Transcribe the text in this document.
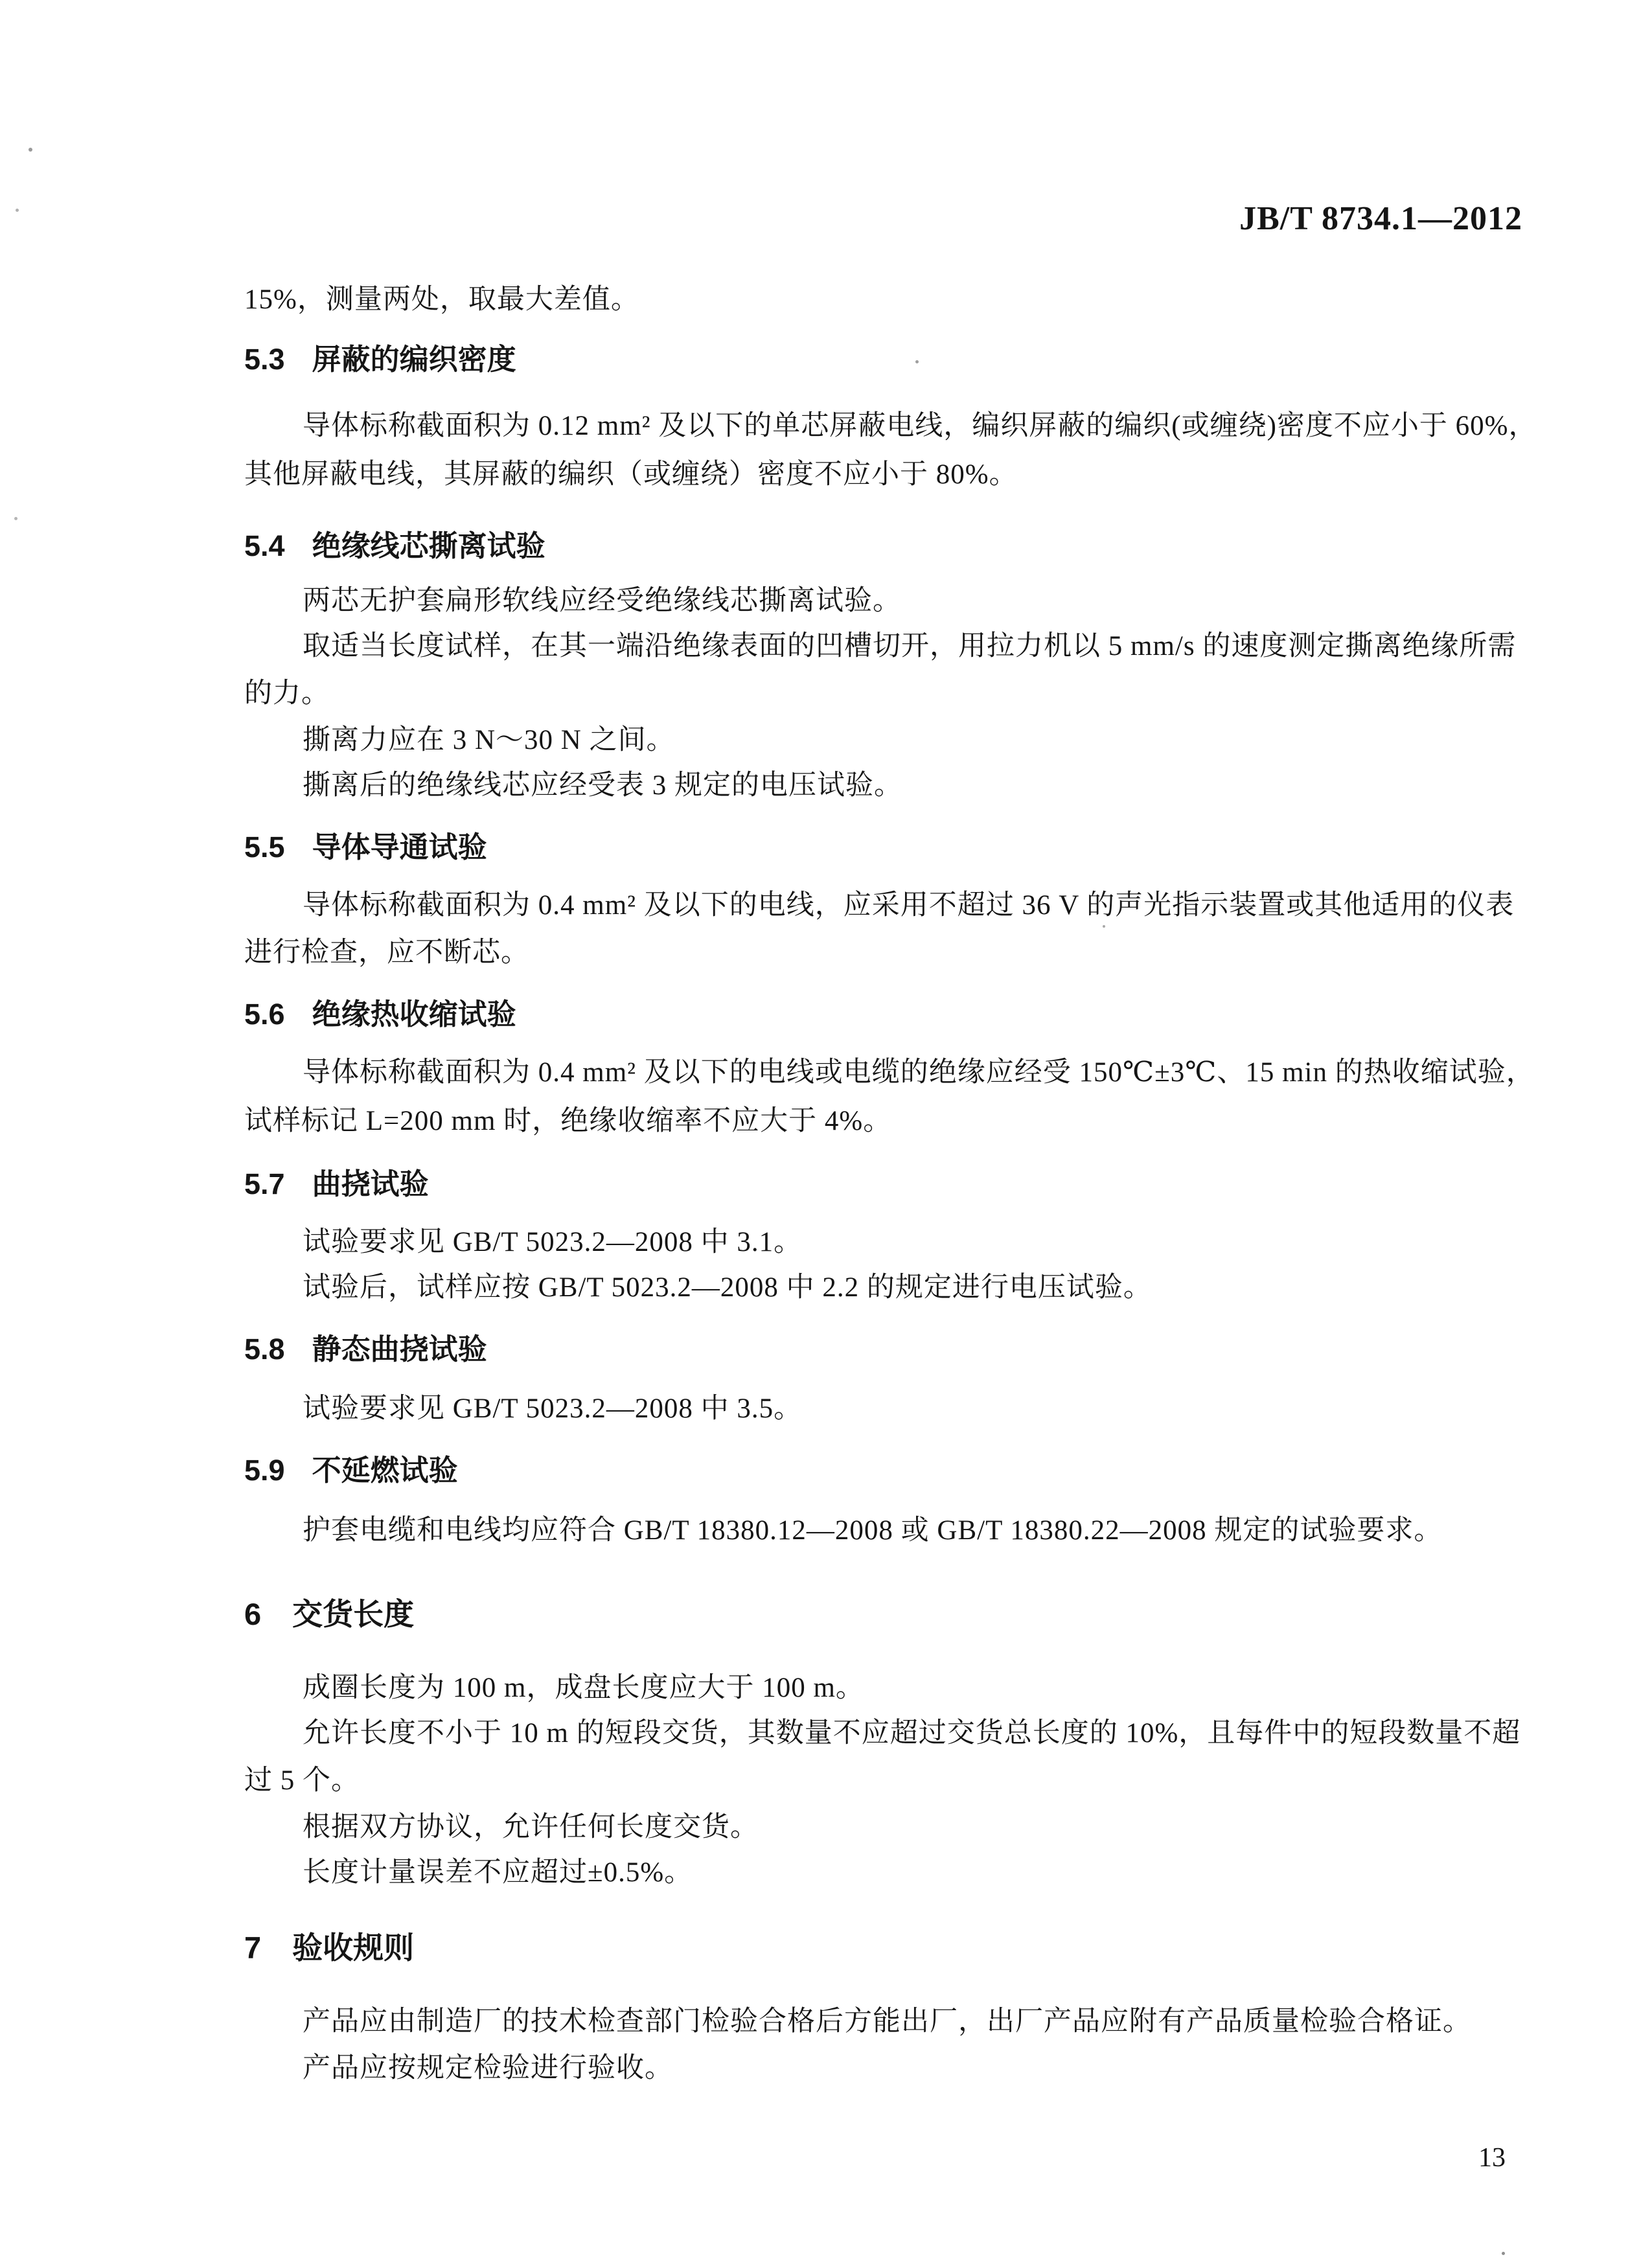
JB/T 8734.1—2012
15%，测量两处，取最大差值。
5.3 屏蔽的编织密度
导体标称截面积为 0.12 mm² 及以下的单芯屏蔽电线，编织屏蔽的编织(或缠绕)密度不应小于 60%，
其他屏蔽电线，其屏蔽的编织（或缠绕）密度不应小于 80%。
5.4 绝缘线芯撕离试验
两芯无护套扁形软线应经受绝缘线芯撕离试验。
取适当长度试样，在其一端沿绝缘表面的凹槽切开，用拉力机以 5 mm/s 的速度测定撕离绝缘所需
的力。
撕离力应在 3 N～30 N 之间。
撕离后的绝缘线芯应经受表 3 规定的电压试验。
5.5 导体导通试验
导体标称截面积为 0.4 mm² 及以下的电线，应采用不超过 36 V 的声光指示装置或其他适用的仪表
进行检查，应不断芯。
5.6 绝缘热收缩试验
导体标称截面积为 0.4 mm² 及以下的电线或电缆的绝缘应经受 150℃±3℃、15 min 的热收缩试验，
试样标记 L=200 mm 时，绝缘收缩率不应大于 4%。
5.7 曲挠试验
试验要求见 GB/T 5023.2—2008 中 3.1。
试验后，试样应按 GB/T 5023.2—2008 中 2.2 的规定进行电压试验。
5.8 静态曲挠试验
试验要求见 GB/T 5023.2—2008 中 3.5。
5.9 不延燃试验
护套电缆和电线均应符合 GB/T 18380.12—2008 或 GB/T 18380.22—2008 规定的试验要求。
6 交货长度
成圈长度为 100 m，成盘长度应大于 100 m。
允许长度不小于 10 m 的短段交货，其数量不应超过交货总长度的 10%，且每件中的短段数量不超
过 5 个。
根据双方协议，允许任何长度交货。
长度计量误差不应超过±0.5%。
7 验收规则
产品应由制造厂的技术检查部门检验合格后方能出厂，出厂产品应附有产品质量检验合格证。
产品应按规定检验进行验收。
13
